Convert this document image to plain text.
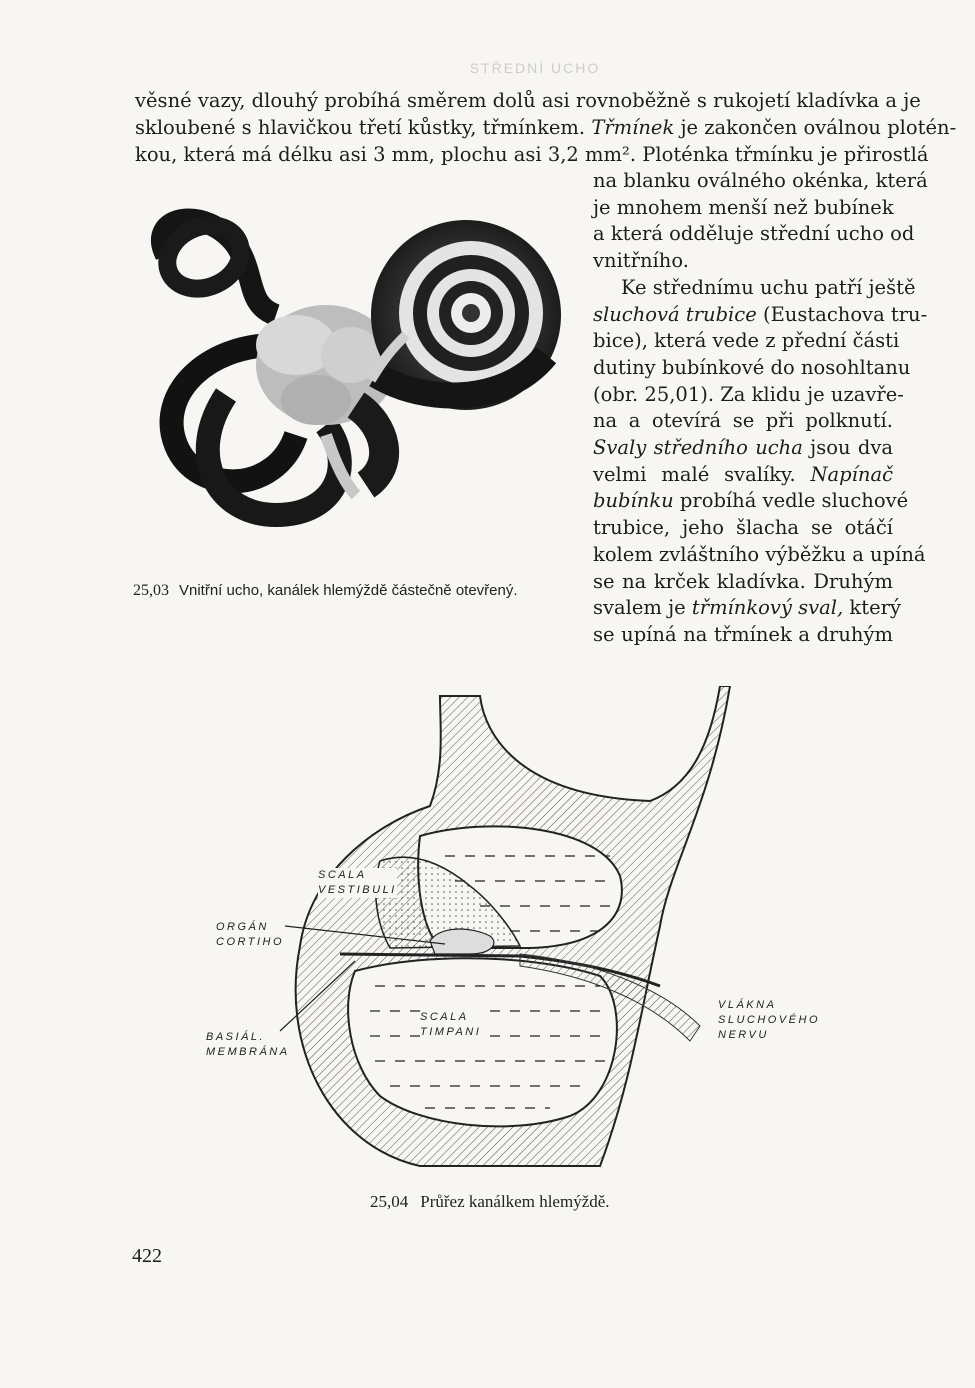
STŘEDNÍ UCHO
věsné vazy, dlouhý probíhá směrem dolů asi rovnoběžně s rukojetí kladívka a je
skloubené s hlavičkou třetí kůstky, třmínkem. Třmínek je zakončen oválnou plotén-
kou, která má délku asi 3 mm, plochu asi 3,2 mm². Ploténka třmínku je přirostlá
na blanku oválného okénka, která
je mnohem menší než bubínek
a která odděluje střední ucho od
vnitřního.
Ke střednímu uchu patří ještě
sluchová trubice (Eustachova tru-
bice), která vede z přední části
dutiny bubínkové do nosohltanu
(obr. 25,01). Za klidu je uzavře-
na a otevírá se při polknutí.
Svaly středního ucha jsou dva
velmi malé svalíky. Napínač
bubínku probíhá vedle sluchové
trubice, jeho šlacha se otáčí
kolem zvláštního výběžku a upíná
se na krček kladívka. Druhým
svalem je třmínkový sval, který
se upíná na třmínek a druhým
25,03 Vnitřní ucho, kanálek hlemýždě částečně otevřený.
SCALA
VESTIBULI
SCALA
TIMPANI
ORGÁN
CORTIHO
BASIÁL.
MEMBRÁNA
VLÁKNA
SLUCHOVÉHO
NERVU
25,04 Průřez kanálkem hlemýždě.
422
